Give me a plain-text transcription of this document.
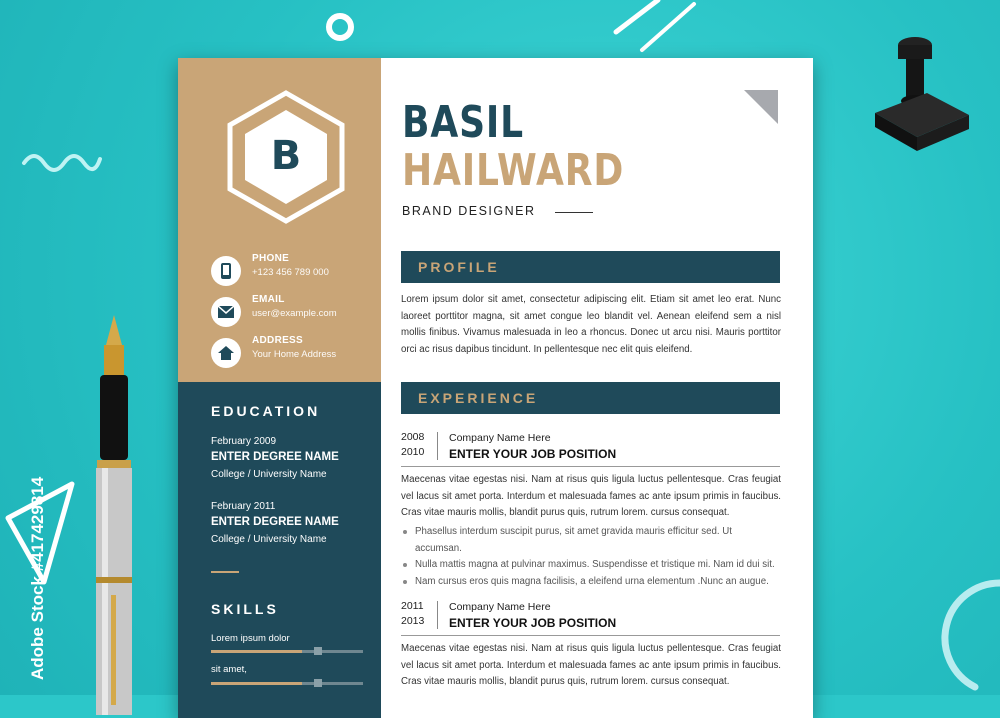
Adobe Stock #417429814
B
PHONE
+123 456 789 000
EMAIL
user@example.com
ADDRESS
Your Home Address
EDUCATION
February 2009
ENTER DEGREE NAME
College / University Name
February 2011
ENTER DEGREE NAME
College / University Name
SKILLS
Lorem ipsum dolor
sit amet,
BASIL
HAILWARD
BRAND DESIGNER
PROFILE
Lorem ipsum dolor sit amet, consectetur adipiscing elit. Etiam sit amet leo erat. Nunc laoreet porttitor magna, sit amet congue leo blandit vel. Aenean eleifend sem a nisl mollis finibus. Vivamus malesuada in leo a rhoncus. Donec ut arcu nisi. Mauris porttitor orci ac risus dapibus tincidunt. In pellentesque nec elit quis eleifend.
EXPERIENCE
2008
2010
Company Name Here
ENTER YOUR JOB POSITION
Maecenas vitae egestas nisi. Nam at risus quis ligula luctus pellentesque. Cras feugiat vel lacus sit amet porta. Interdum et malesuada fames ac ante ipsum primis in faucibus. Cras vitae mauris mollis, blandit purus quis, rutrum lorem. cursus consequat.
Phasellus interdum suscipit purus, sit amet gravida mauris efficitur sed. Ut accumsan.
Nulla mattis magna at pulvinar maximus. Suspendisse et tristique mi. Nam id dui sit.
Nam cursus eros quis magna facilisis, a eleifend urna elementum .Nunc an augue.
2011
2013
Company Name Here
ENTER YOUR JOB POSITION
Maecenas vitae egestas nisi. Nam at risus quis ligula luctus pellentesque. Cras feugiat vel lacus sit amet porta. Interdum et malesuada fames ac ante ipsum primis in faucibus. Cras vitae mauris mollis, blandit purus quis, rutrum lorem. cursus consequat.
